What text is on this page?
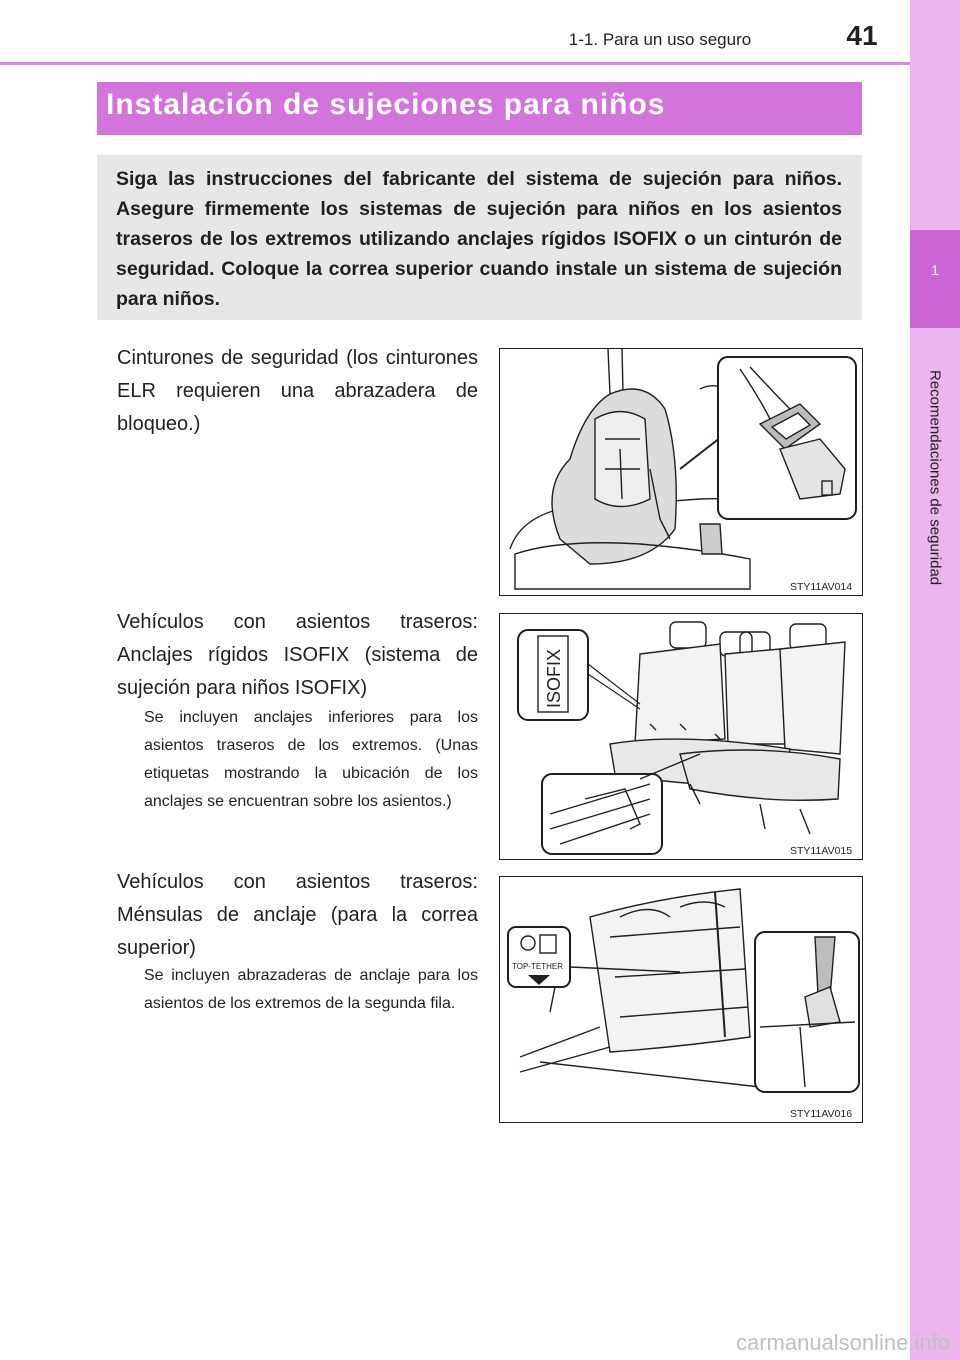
1-1. Para un uso seguro	41
1
Recomendaciones de seguridad
Instalación de sujeciones para niños
Siga las instrucciones del fabricante del sistema de sujeción para niños. Asegure firmemente los sistemas de sujeción para niños en los asientos traseros de los extremos utilizando anclajes rígidos ISOFIX o un cinturón de seguridad. Coloque la correa superior cuando instale un sistema de sujeción para niños.
Cinturones de seguridad (los cinturones ELR requieren una abrazadera de bloqueo.)
STY11AV014
Vehículos con asientos traseros: Anclajes rígidos ISOFIX (sistema de sujeción para niños ISOFIX)
Se incluyen anclajes inferiores para los asientos traseros de los extremos. (Unas etiquetas mostrando la ubicación de los anclajes se encuentran sobre los asientos.)
ISOFIX
STY11AV015
Vehículos con asientos traseros: Ménsulas de anclaje (para la correa superior)
Se incluyen abrazaderas de anclaje para los asientos de los extremos de la segunda fila.
TOP-TETHER
STY11AV016
carmanualsonline.info
